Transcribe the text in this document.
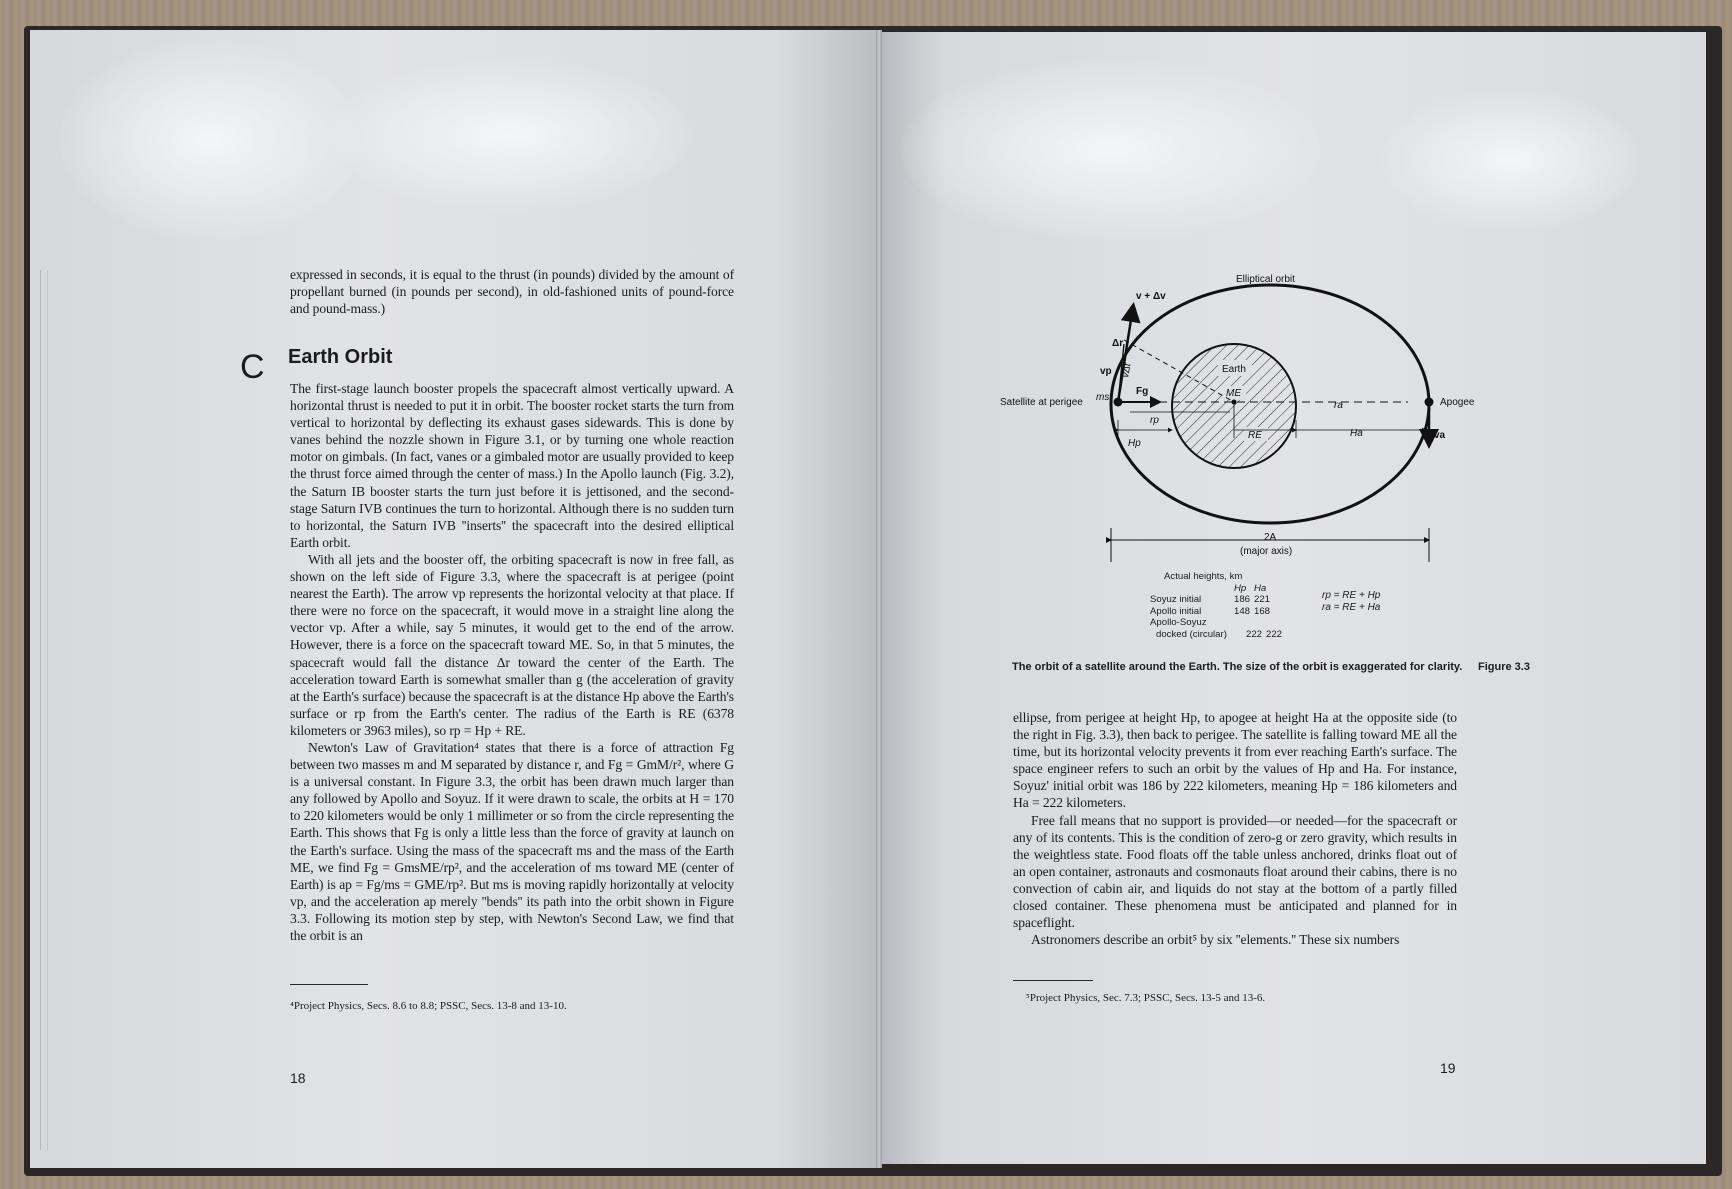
expressed in seconds, it is equal to the thrust (in pounds) divided by the amount of propellant burned (in pounds per second), in old-fashioned units of pound-force and pound-mass.)

C Earth Orbit

The first-stage launch booster propels the spacecraft almost vertically upward. A horizontal thrust is needed to put it in orbit. The booster rocket starts the turn from vertical to horizontal by deflecting its exhaust gases sidewards. This is done by vanes behind the nozzle shown in Figure 3.1, or by turning one whole reaction motor on gimbals. (In fact, vanes or a gimbaled motor are usually provided to keep the thrust force aimed through the center of mass.) In the Apollo launch (Fig. 3.2), the Saturn IB booster starts the turn just before it is jettisoned, and the second-stage Saturn IVB continues the turn to horizontal. Although there is no sudden turn to horizontal, the Saturn IVB ''inserts'' the spacecraft into the desired elliptical Earth orbit.

With all jets and the booster off, the orbiting spacecraft is now in free fall, as shown on the left side of Figure 3.3, where the spacecraft is at perigee (point nearest the Earth). The arrow vp represents the horizontal velocity at that place. If there were no force on the spacecraft, it would move in a straight line along the vector vp. After a while, say 5 minutes, it would get to the end of the arrow. However, there is a force on the spacecraft toward ME. So, in that 5 minutes, the spacecraft would fall the distance Δr toward the center of the Earth. The acceleration toward Earth is somewhat smaller than g (the acceleration of gravity at the Earth's surface) because the spacecraft is at the distance Hp above the Earth's surface or rp from the Earth's center. The radius of the Earth is RE (6378 kilometers or 3963 miles), so rp = Hp + RE.

Newton's Law of Gravitation⁴ states that there is a force of attraction Fg between two masses m and M separated by distance r, and Fg = GmM/r², where G is a universal constant. In Figure 3.3, the orbit has been drawn much larger than any followed by Apollo and Soyuz. If it were drawn to scale, the orbits at H = 170 to 220 kilometers would be only 1 millimeter or so from the circle representing the Earth. This shows that Fg is only a little less than the force of gravity at launch on the Earth's surface. Using the mass of the spacecraft ms and the mass of the Earth ME, we find Fg = GmsME/rp², and the acceleration of ms toward ME (center of Earth) is ap = Fg/ms = GME/rp². But ms is moving rapidly horizontally at velocity vp, and the acceleration ap merely ''bends'' its path into the orbit shown in Figure 3.3. Following its motion step by step, with Newton's Second Law, we find that the orbit is an

⁴Project Physics, Secs. 8.6 to 8.8; PSSC, Secs. 13-8 and 13-10.
18
Elliptical orbit
v + Δv
Δr
vp vΔt
Fg
rp
Hp
Earth
ME
RE
ra
Ha	va
ms
Satellite at perigee	Apogee
2A
(major axis)
Actual heights, km
Hp Ha
Soyuz initial	186 221
Apollo initial	148 168
Apollo-Soyuz
docked (circular) 222 222
rp = RE + Hp
ra = RE + Ha
The orbit of a satellite around the Earth. The size of the orbit is exaggerated for clarity.	Figure 3.3

ellipse, from perigee at height Hp, to apogee at height Ha at the opposite side (to the right in Fig. 3.3), then back to perigee. The satellite is falling toward ME all the time, but its horizontal velocity prevents it from ever reaching Earth's surface. The space engineer refers to such an orbit by the values of Hp and Ha. For instance, Soyuz' initial orbit was 186 by 222 kilometers, meaning Hp = 186 kilometers and Ha = 222 kilometers.

Free fall means that no support is provided—or needed—for the spacecraft or any of its contents. This is the condition of zero-g or zero gravity, which results in the weightless state. Food floats off the table unless anchored, drinks float out of an open container, astronauts and cosmonauts float around their cabins, there is no convection of cabin air, and liquids do not stay at the bottom of a partly filled closed container. These phenomena must be anticipated and planned for in spaceflight.

Astronomers describe an orbit⁵ by six ''elements.'' These six numbers

⁵Project Physics, Sec. 7.3; PSSC, Secs. 13-5 and 13-6.
19
